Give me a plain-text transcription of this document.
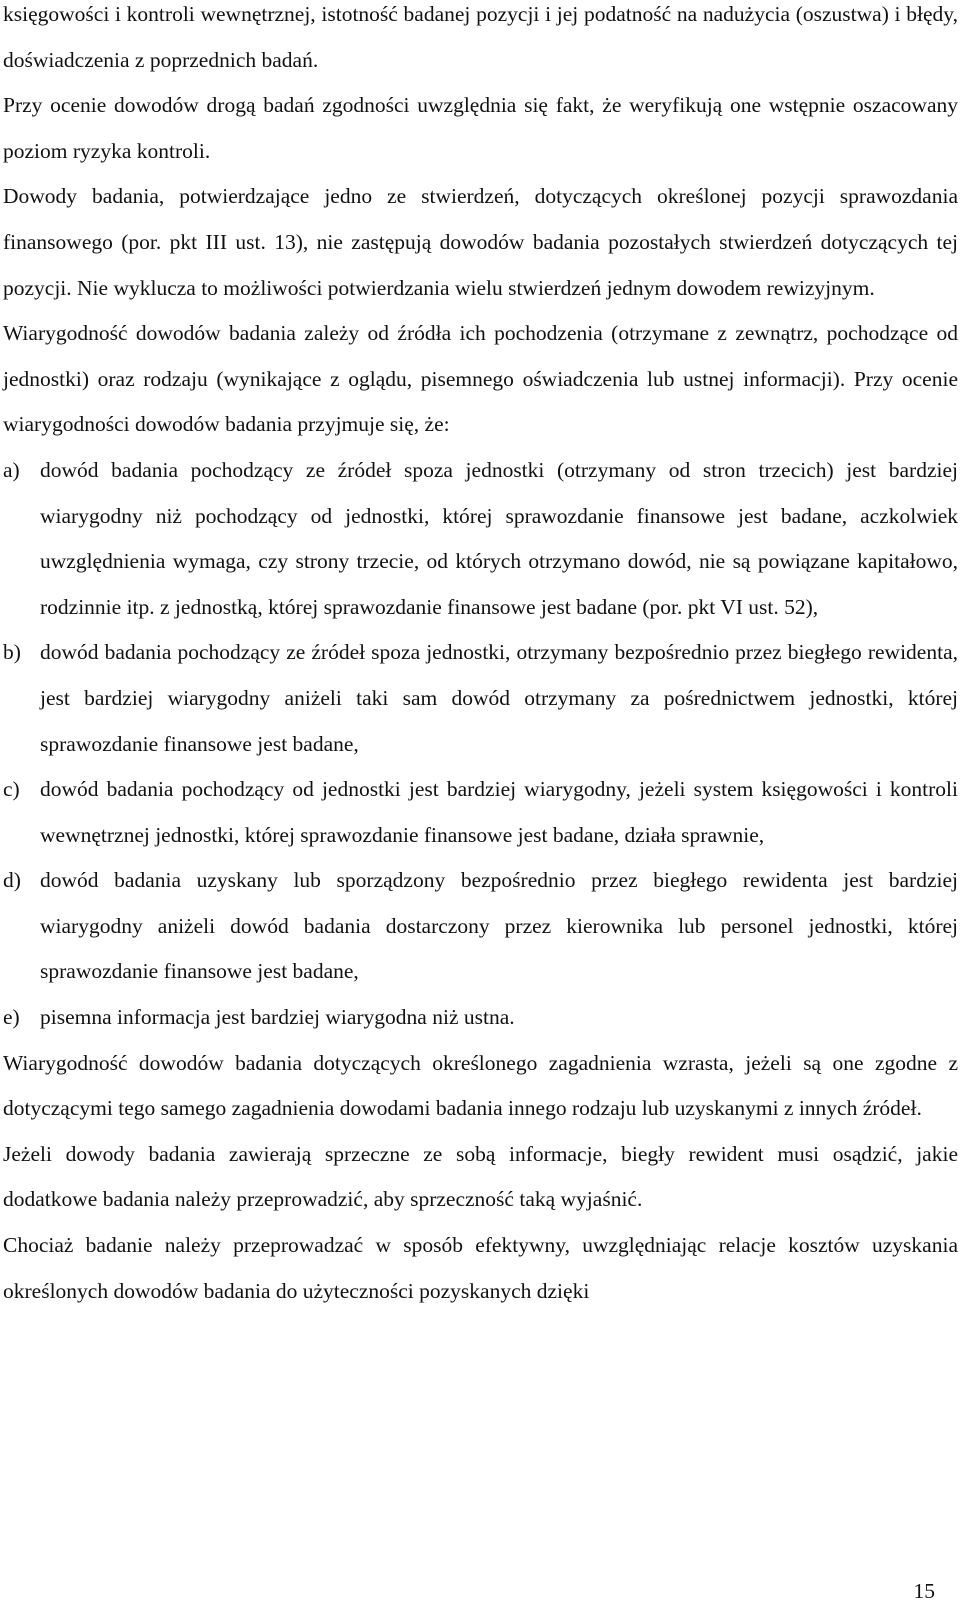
księgowości i kontroli wewnętrznej, istotność badanej pozycji i jej podatność na nadużycia (oszustwa) i błędy, doświadczenia z poprzednich badań.

Przy ocenie dowodów drogą badań zgodności uwzględnia się fakt, że weryfikują one wstępnie oszacowany poziom ryzyka kontroli.

Dowody badania, potwierdzające jedno ze stwierdzeń, dotyczących określonej pozycji sprawozdania finansowego (por. pkt III ust. 13), nie zastępują dowodów badania pozostałych stwierdzeń dotyczących tej pozycji. Nie wyklucza to możliwości potwierdzania wielu stwierdzeń jednym dowodem rewizyjnym.

Wiarygodność dowodów badania zależy od źródła ich pochodzenia (otrzymane z zewnątrz, pochodzące od jednostki) oraz rodzaju (wynikające z oglądu, pisemnego oświadczenia lub ustnej informacji). Przy ocenie wiarygodności dowodów badania przyjmuje się, że:

a) dowód badania pochodzący ze źródeł spoza jednostki (otrzymany od stron trzecich) jest bardziej wiarygodny niż pochodzący od jednostki, której sprawozdanie finansowe jest badane, aczkolwiek uwzględnienia wymaga, czy strony trzecie, od których otrzymano dowód, nie są powiązane kapitałowo, rodzinnie itp. z jednostką, której sprawozdanie finansowe jest badane (por. pkt VI ust. 52),
b) dowód badania pochodzący ze źródeł spoza jednostki, otrzymany bezpośrednio przez biegłego rewidenta, jest bardziej wiarygodny aniżeli taki sam dowód otrzymany za pośrednictwem jednostki, której sprawozdanie finansowe jest badane,
c) dowód badania pochodzący od jednostki jest bardziej wiarygodny, jeżeli system księgowości i kontroli wewnętrznej jednostki, której sprawozdanie finansowe jest badane, działa sprawnie,
d) dowód badania uzyskany lub sporządzony bezpośrednio przez biegłego rewidenta jest bardziej wiarygodny aniżeli dowód badania dostarczony przez kierownika lub personel jednostki, której sprawozdanie finansowe jest badane,
e) pisemna informacja jest bardziej wiarygodna niż ustna.

Wiarygodność dowodów badania dotyczących określonego zagadnienia wzrasta, jeżeli są one zgodne z dotyczącymi tego samego zagadnienia dowodami badania innego rodzaju lub uzyskanymi z innych źródeł.

Jeżeli dowody badania zawierają sprzeczne ze sobą informacje, biegły rewident musi osądzić, jakie dodatkowe badania należy przeprowadzić, aby sprzeczność taką wyjaśnić.

Chociaż badanie należy przeprowadzać w sposób efektywny, uwzględniając relacje kosztów uzyskania określonych dowodów badania do użyteczności pozyskanych dzięki

15
